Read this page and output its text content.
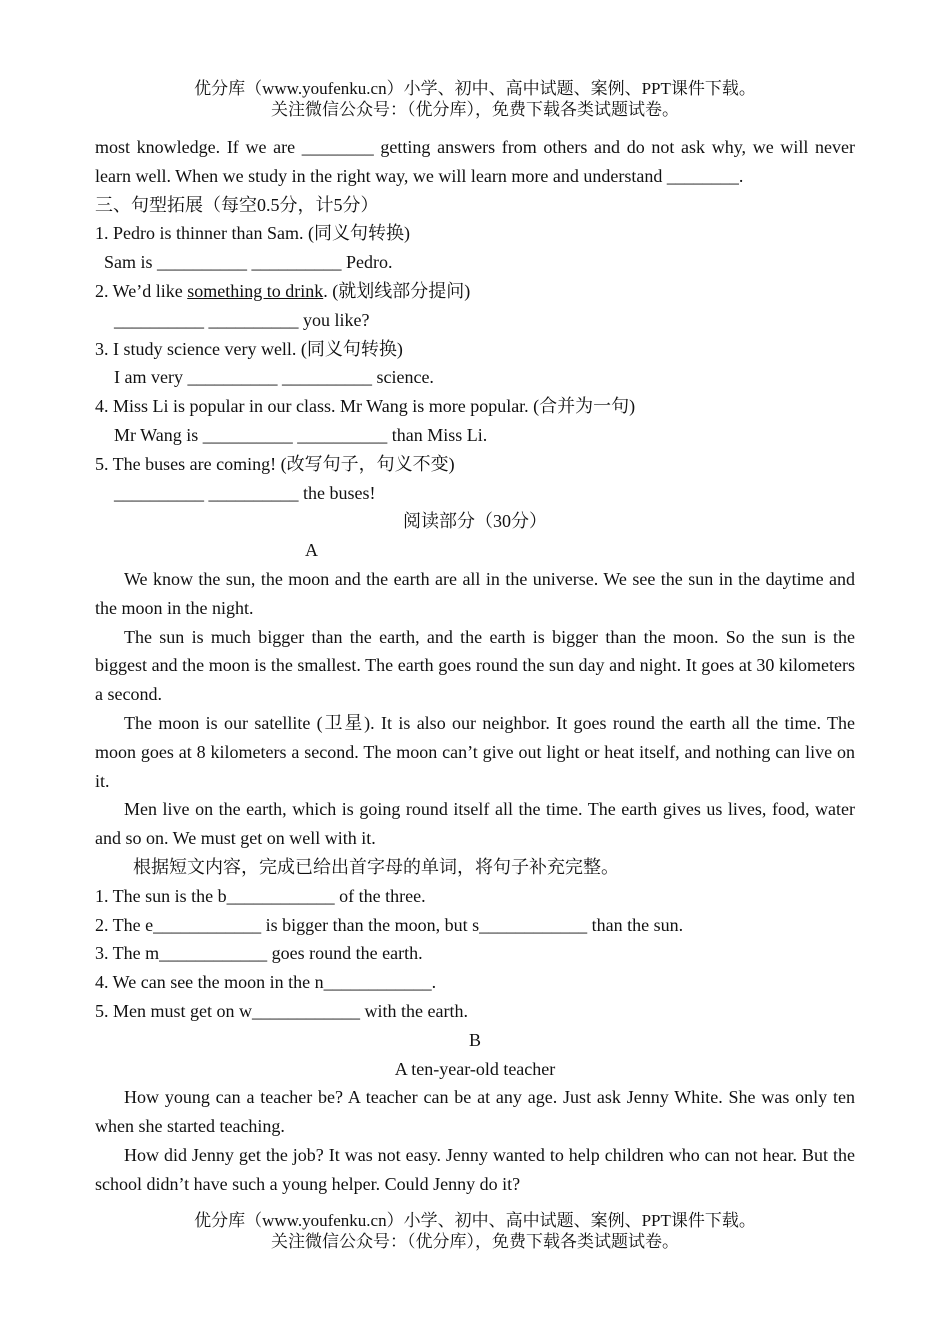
优分库（www.youfenku.cn）小学、初中、高中试题、案例、PPT课件下载。
关注微信公众号：（优分库），免费下载各类试题试卷。

most knowledge. If we are ________ getting answers from others and do not ask why, we will never learn well. When we study in the right way, we will learn more and understand ________.

三、句型拓展（每空0.5分，计5分）

1. Pedro is thinner than Sam. (同义句转换)

Sam is __________ __________ Pedro.

2. We’d like something to drink. (就划线部分提问)

__________ __________ you like?

3. I study science very well. (同义句转换)

I am very __________ __________ science.

4. Miss Li is popular in our class. Mr Wang is more popular. (合并为一句)

Mr Wang is __________ __________ than Miss Li.

5. The buses are coming! (改写句子，句义不变)

__________ __________ the buses!

阅读部分（30分）

A

We know the sun, the moon and the earth are all in the universe. We see the sun in the daytime and the moon in the night.

The sun is much bigger than the earth, and the earth is bigger than the moon. So the sun is the biggest and the moon is the smallest. The earth goes round the sun day and night. It goes at 30 kilometers a second.

The moon is our satellite (卫星). It is also our neighbor. It goes round the earth all the time. The moon goes at 8 kilometers a second. The moon can’t give out light or heat itself, and nothing can live on it.

Men live on the earth, which is going round itself all the time. The earth gives us lives, food, water and so on. We must get on well with it.

根据短文内容，完成已给出首字母的单词，将句子补充完整。

1. The sun is the b____________ of the three.

2. The e____________ is bigger than the moon, but s____________ than the sun.

3. The m____________ goes round the earth.

4. We can see the moon in the n____________.

5. Men must get on w____________ with the earth.

B

A ten-year-old teacher

How young can a teacher be? A teacher can be at any age. Just ask Jenny White. She was only ten when she started teaching.

How did Jenny get the job? It was not easy. Jenny wanted to help children who can not hear. But the school didn’t have such a young helper. Could Jenny do it?

优分库（www.youfenku.cn）小学、初中、高中试题、案例、PPT课件下载。
关注微信公众号：（优分库），免费下载各类试题试卷。
